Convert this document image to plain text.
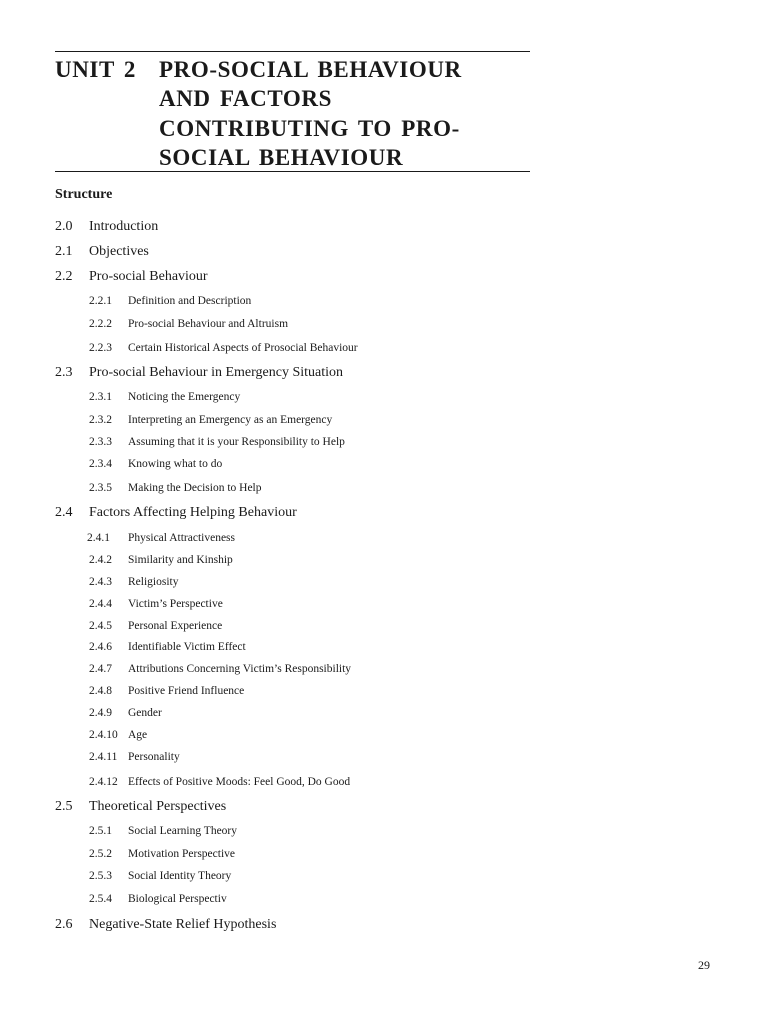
UNIT 2 PRO-SOCIAL BEHAVIOUR
AND FACTORS
CONTRIBUTING TO PRO-
SOCIAL BEHAVIOUR
Structure
2.0 Introduction
2.1 Objectives
2.2 Pro-social Behaviour
2.2.1 Definition and Description
2.2.2 Pro-social Behaviour and Altruism
2.2.3 Certain Historical Aspects of Prosocial Behaviour
2.3 Pro-social Behaviour in Emergency Situation
2.3.1 Noticing the Emergency
2.3.2 Interpreting an Emergency as an Emergency
2.3.3 Assuming that it is your Responsibility to Help
2.3.4 Knowing what to do
2.3.5 Making the Decision to Help
2.4 Factors Affecting Helping Behaviour
2.4.1 Physical Attractiveness
2.4.2 Similarity and Kinship
2.4.3 Religiosity
2.4.4 Victim’s Perspective
2.4.5 Personal Experience
2.4.6 Identifiable Victim Effect
2.4.7 Attributions Concerning Victim’s Responsibility
2.4.8 Positive Friend Influence
2.4.9 Gender
2.4.10 Age
2.4.11 Personality
2.4.12 Effects of Positive Moods: Feel Good, Do Good
2.5 Theoretical Perspectives
2.5.1 Social Learning Theory
2.5.2 Motivation Perspective
2.5.3 Social Identity Theory
2.5.4 Biological Perspectiv
2.6 Negative-State Relief Hypothesis
29
